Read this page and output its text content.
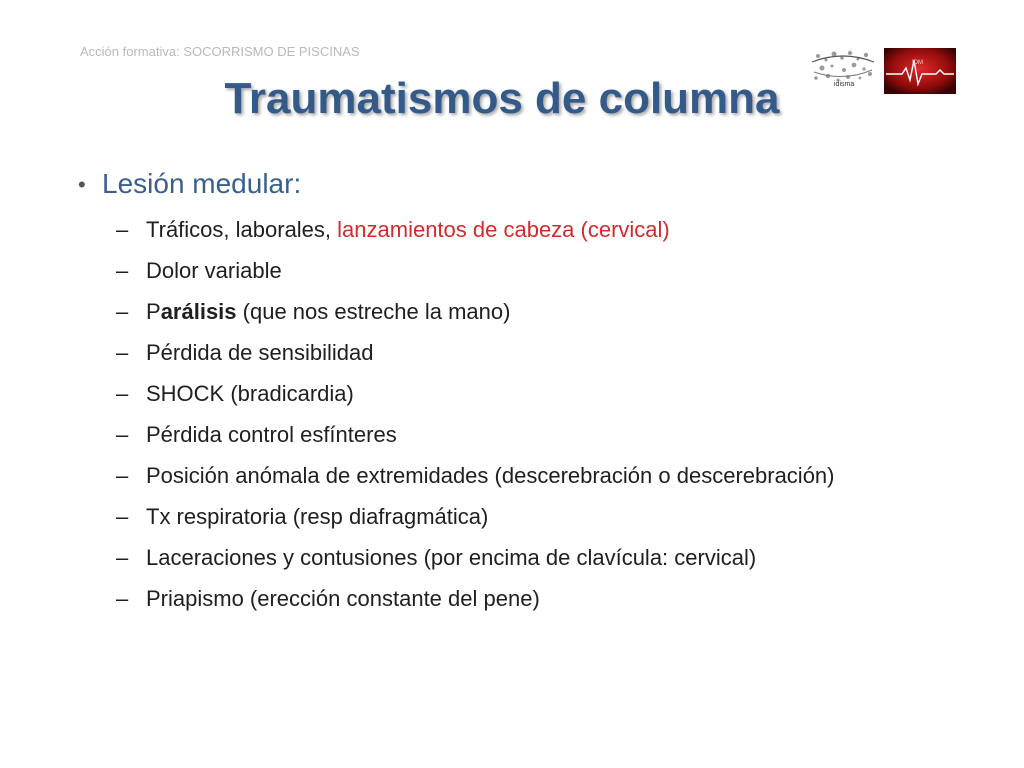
Acción formativa: SOCORRISMO DE PISCINAS
idisma
IDM
Traumatismos de columna
• Lesión medular:
– Tráficos, laborales, lanzamientos de cabeza (cervical)
– Dolor variable
– Parálisis (que nos estreche la mano)
– Pérdida de sensibilidad
– SHOCK (bradicardia)
– Pérdida control esfínteres
– Posición anómala de extremidades (descerebración o descerebración)
– Tx respiratoria (resp diafragmática)
– Laceraciones y contusiones (por encima de clavícula: cervical)
– Priapismo (erección constante del pene)
